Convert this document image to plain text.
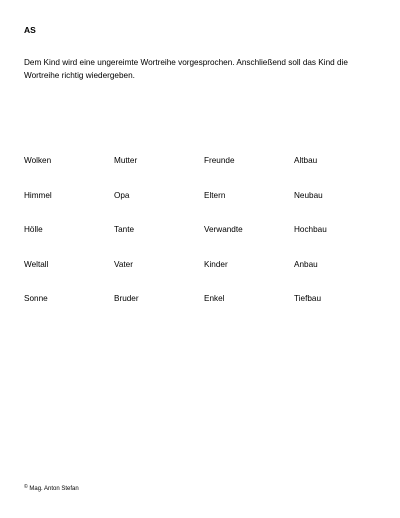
AS
Dem Kind wird eine ungereimte Wortreihe vorgesprochen. Anschließend soll das Kind die Wortreihe richtig wiedergeben.
Wolken	Mutter	Freunde	Altbau
Himmel	Opa	Eltern	Neubau
Hölle	Tante	Verwandte	Hochbau
Weltall	Vater	Kinder	Anbau
Sonne	Bruder	Enkel	Tiefbau
© Mag. Anton Stefan
